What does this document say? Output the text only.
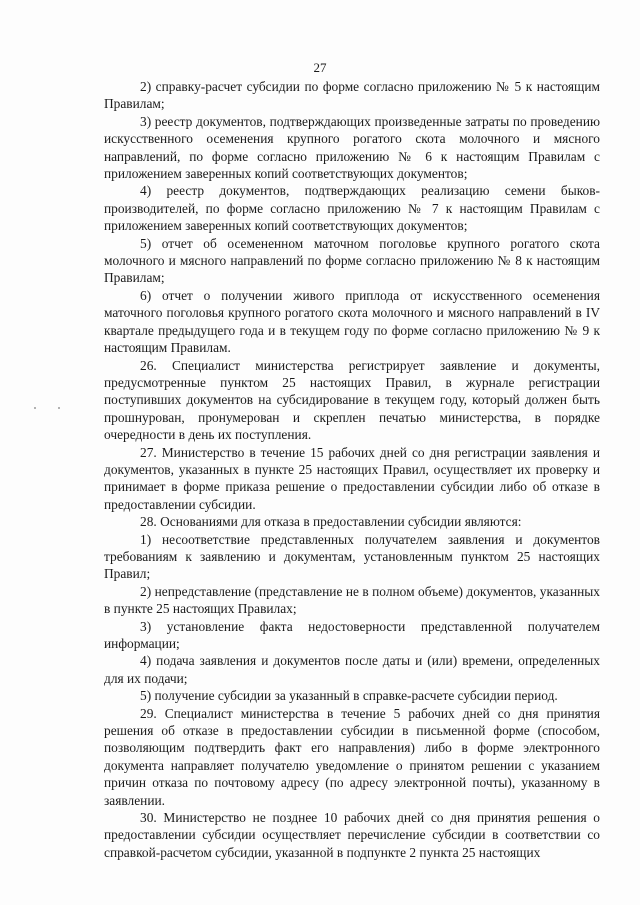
27

2) справку-расчет субсидии по форме согласно приложению № 5 к настоящим Правилам;

3) реестр документов, подтверждающих произведенные затраты по проведению искусственного осеменения крупного рогатого скота молочного и мясного направлений, по форме согласно приложению № 6 к настоящим Правилам с приложением заверенных копий соответствующих документов;

4) реестр документов, подтверждающих реализацию семени быков-производителей, по форме согласно приложению № 7 к настоящим Правилам с приложением заверенных копий соответствующих документов;

5) отчет об осемененном маточном поголовье крупного рогатого скота молочного и мясного направлений по форме согласно приложению № 8 к настоящим Правилам;

6) отчет о получении живого приплода от искусственного осеменения маточного поголовья крупного рогатого скота молочного и мясного направлений в IV квартале предыдущего года и в текущем году по форме согласно приложению № 9 к настоящим Правилам.

26. Специалист министерства регистрирует заявление и документы, предусмотренные пунктом 25 настоящих Правил, в журнале регистрации поступивших документов на субсидирование в текущем году, который должен быть прошнурован, пронумерован и скреплен печатью министерства, в порядке очередности в день их поступления.

27. Министерство в течение 15 рабочих дней со дня регистрации заявления и документов, указанных в пункте 25 настоящих Правил, осуществляет их проверку и принимает в форме приказа решение о предоставлении субсидии либо об отказе в предоставлении субсидии.

28. Основаниями для отказа в предоставлении субсидии являются:

1) несоответствие представленных получателем заявления и документов требованиям к заявлению и документам, установленным пунктом 25 настоящих Правил;

2) непредставление (представление не в полном объеме) документов, указанных в пункте 25 настоящих Правилах;

3) установление факта недостоверности представленной получателем информации;

4) подача заявления и документов после даты и (или) времени, определенных для их подачи;

5) получение субсидии за указанный в справке-расчете субсидии период.

29. Специалист министерства в течение 5 рабочих дней со дня принятия решения об отказе в предоставлении субсидии в письменной форме (способом, позволяющим подтвердить факт его направления) либо в форме электронного документа направляет получателю уведомление о принятом решении с указанием причин отказа по почтовому адресу (по адресу электронной почты), указанному в заявлении.

30. Министерство не позднее 10 рабочих дней со дня принятия решения о предоставлении субсидии осуществляет перечисление субсидии в соответствии со справкой-расчетом субсидии, указанной в подпункте 2 пункта 25 настоящих
